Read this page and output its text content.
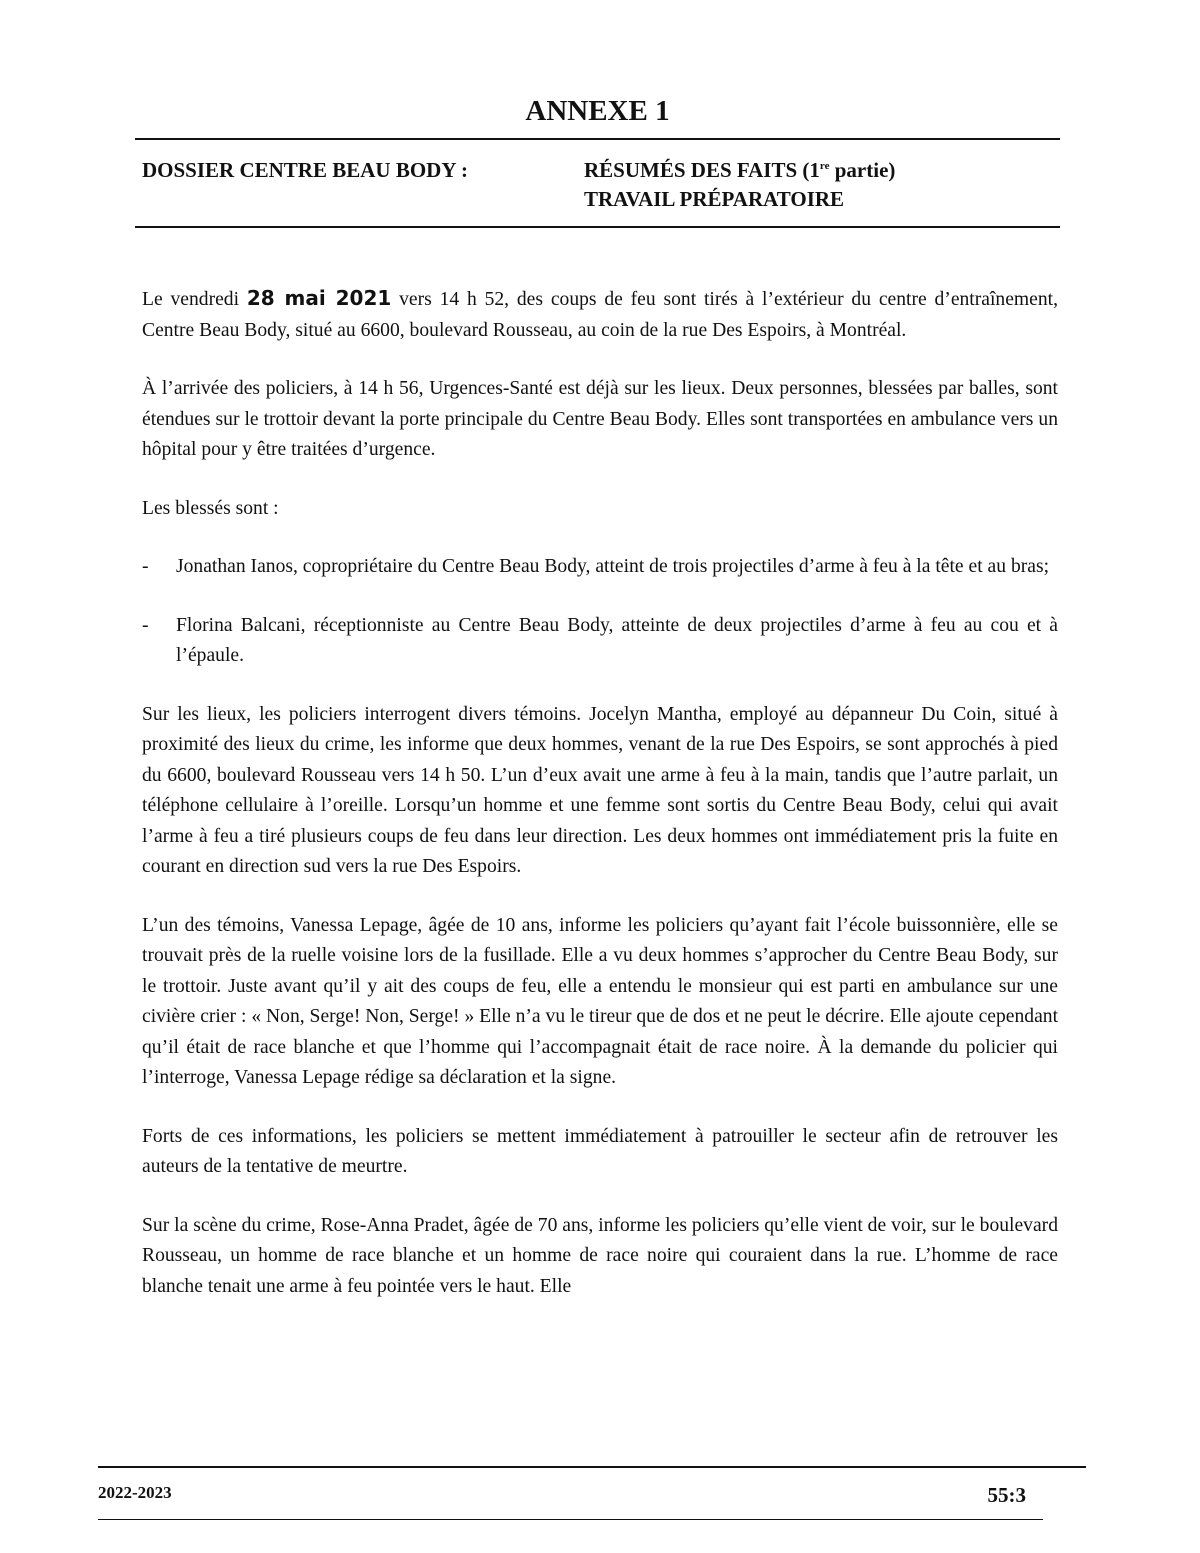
ANNEXE 1
DOSSIER CENTRE BEAU BODY :	RÉSUMÉS DES FAITS (1re partie)
TRAVAIL PRÉPARATOIRE

Le vendredi 28 mai 2021 vers 14 h 52, des coups de feu sont tirés à l’extérieur du centre d’entraînement, Centre Beau Body, situé au 6600, boulevard Rousseau, au coin de la rue Des Espoirs, à Montréal.

À l’arrivée des policiers, à 14 h 56, Urgences-Santé est déjà sur les lieux. Deux personnes, blessées par balles, sont étendues sur le trottoir devant la porte principale du Centre Beau Body. Elles sont transportées en ambulance vers un hôpital pour y être traitées d’urgence.

Les blessés sont :

-	Jonathan Ianos, copropriétaire du Centre Beau Body, atteint de trois projectiles d’arme à feu à la tête et au bras;
-	Florina Balcani, réceptionniste au Centre Beau Body, atteinte de deux projectiles d’arme à feu au cou et à l’épaule.

Sur les lieux, les policiers interrogent divers témoins. Jocelyn Mantha, employé au dépanneur Du Coin, situé à proximité des lieux du crime, les informe que deux hommes, venant de la rue Des Espoirs, se sont approchés à pied du 6600, boulevard Rousseau vers 14 h 50. L’un d’eux avait une arme à feu à la main, tandis que l’autre parlait, un téléphone cellulaire à l’oreille. Lorsqu’un homme et une femme sont sortis du Centre Beau Body, celui qui avait l’arme à feu a tiré plusieurs coups de feu dans leur direction. Les deux hommes ont immédiatement pris la fuite en courant en direction sud vers la rue Des Espoirs.

L’un des témoins, Vanessa Lepage, âgée de 10 ans, informe les policiers qu’ayant fait l’école buissonnière, elle se trouvait près de la ruelle voisine lors de la fusillade. Elle a vu deux hommes s’approcher du Centre Beau Body, sur le trottoir. Juste avant qu’il y ait des coups de feu, elle a entendu le monsieur qui est parti en ambulance sur une civière crier : « Non, Serge! Non, Serge! » Elle n’a vu le tireur que de dos et ne peut le décrire. Elle ajoute cependant qu’il était de race blanche et que l’homme qui l’accompagnait était de race noire. À la demande du policier qui l’interroge, Vanessa Lepage rédige sa déclaration et la signe.

Forts de ces informations, les policiers se mettent immédiatement à patrouiller le secteur afin de retrouver les auteurs de la tentative de meurtre.

Sur la scène du crime, Rose-Anna Pradet, âgée de 70 ans, informe les policiers qu’elle vient de voir, sur le boulevard Rousseau, un homme de race blanche et un homme de race noire qui couraient dans la rue. L’homme de race blanche tenait une arme à feu pointée vers le haut. Elle

2022-2023	55:3
